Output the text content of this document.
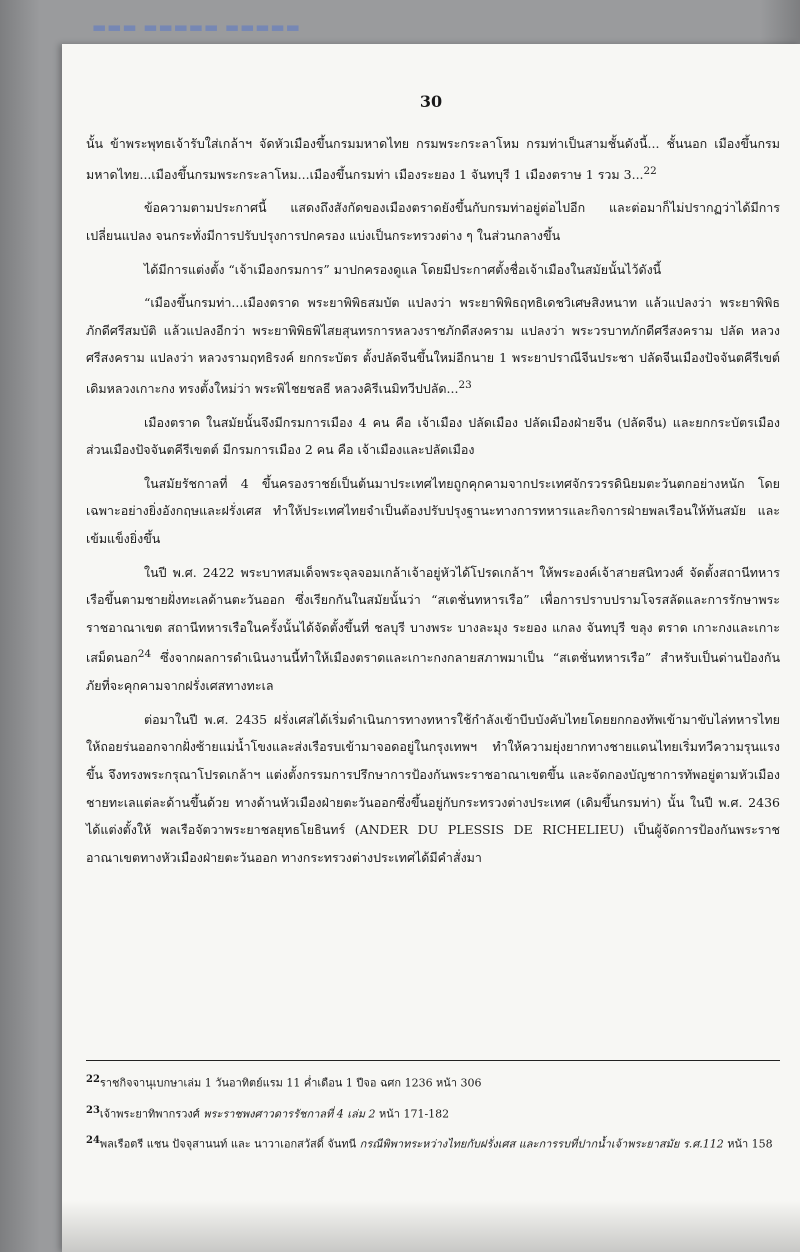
▬▬▬ ▬▬▬▬▬ ▬▬▬▬▬
30

นั้น ข้าพระพุทธเจ้ารับใส่เกล้าฯ จัดหัวเมืองขึ้นกรมมหาดไทย กรมพระกระลาโหม กรมท่าเป็นสามชั้นดังนี้... ชั้นนอก เมืองขึ้นกรมมหาดไทย...เมืองขึ้นกรมพระกระลาโหม...เมืองขึ้นกรมท่า เมืองระยอง 1 จันทบุรี 1 เมืองตราษ 1 รวม 3...$^{22}$

ข้อความตามประกาศนี้ แสดงถึงสังกัดของเมืองตราดยังขึ้นกับกรมท่าอยู่ต่อไปอีก และต่อมาก็ไม่ปรากฏว่าได้มีการเปลี่ยนแปลง จนกระทั่งมีการปรับปรุงการปกครอง แบ่งเป็นกระทรวงต่าง ๆ ในส่วนกลางขึ้น

ได้มีการแต่งตั้ง “เจ้าเมืองกรมการ” มาปกครองดูแล โดยมีประกาศตั้งชื่อเจ้าเมืองในสมัยนั้นไว้ดังนี้

“เมืองขึ้นกรมท่า...เมืองตราด พระยาพิพิธสมบัต แปลงว่า พระยาพิพิธฤทธิเดชวิเศษสิงหนาท แล้วแปลงว่า พระยาพิพิธภักดีศรีสมบัติ แล้วแปลงอีกว่า พระยาพิพิธพิไสยสุนทรการหลวงราชภักดีสงคราม แปลงว่า พระวรบาทภักดีศรีสงคราม ปลัด หลวงศรีสงคราม แปลงว่า หลวงรามฤทธิรงค์ ยกกระบัตร ตั้งปลัดจีนขึ้นใหม่อีกนาย 1 พระยาปราณีจีนประชา ปลัดจีนเมืองปัจจันตคีรีเขต์เดิมหลวงเกาะกง ทรงตั้งใหม่ว่า พระพิไชยชลธี หลวงคิรีเนมิทวีปปลัด...$^{23}$

เมืองตราด ในสมัยนั้นจึงมีกรมการเมือง 4 คน คือ เจ้าเมือง ปลัดเมือง ปลัดเมืองฝ่ายจีน (ปลัดจีน) และยกกระบัตรเมือง ส่วนเมืองปัจจันตคีรีเขตต์ มีกรมการเมือง 2 คน คือ เจ้าเมืองและปลัดเมือง

ในสมัยรัชกาลที่ 4 ขึ้นครองราชย์เป็นต้นมาประเทศไทยถูกคุกคามจากประเทศจักรวรรดินิยมตะวันตกอย่างหนัก โดยเฉพาะอย่างยิ่งอังกฤษและฝรั่งเศส ทำให้ประเทศไทยจำเป็นต้องปรับปรุงฐานะทางการทหารและกิจการฝ่ายพลเรือนให้ทันสมัย และเข้มแข็งยิ่งขึ้น

ในปี พ.ศ. 2422 พระบาทสมเด็จพระจุลจอมเกล้าเจ้าอยู่หัวได้โปรดเกล้าฯ ให้พระองค์เจ้าสายสนิทวงศ์ จัดตั้งสถานีทหารเรือขึ้นตามชายฝั่งทะเลด้านตะวันออก ซึ่งเรียกกันในสมัยนั้นว่า “สเตชั่นทหารเรือ” เพื่อการปราบปรามโจรสลัดและการรักษาพระราชอาณาเขต สถานีทหารเรือในครั้งนั้นได้จัดตั้งขึ้นที่ ชลบุรี บางพระ บางละมุง ระยอง แกลง จันทบุรี ขลุง ตราด เกาะกงและเกาะเสม็ดนอก$^{24}$ ซึ่งจากผลการดำเนินงานนี้ทำให้เมืองตราดและเกาะกงกลายสภาพมาเป็น “สเตชั่นทหารเรือ” สำหรับเป็นด่านป้องกันภัยที่จะคุกคามจากฝรั่งเศสทางทะเล

ต่อมาในปี พ.ศ. 2435 ฝรั่งเศสได้เริ่มดำเนินการทางทหารใช้กำลังเข้าบีบบังคับไทยโดยยกกองทัพเข้ามาขับไล่ทหารไทยให้ถอยร่นออกจากฝั่งซ้ายแม่น้ำโขงและส่งเรือรบเข้ามาจอดอยู่ในกรุงเทพฯ ทำให้ความยุ่งยากทางชายแดนไทยเริ่มทวีความรุนแรงขึ้น จึงทรงพระกรุณาโปรดเกล้าฯ แต่งตั้งกรรมการปรึกษาการป้องกันพระราชอาณาเขตขึ้น และจัดกองบัญชาการทัพอยู่ตามหัวเมืองชายทะเลแต่ละด้านขึ้นด้วย ทางด้านหัวเมืองฝ่ายตะวันออกซึ่งขึ้นอยู่กับกระทรวงต่างประเทศ (เดิมขึ้นกรมท่า) นั้น ในปี พ.ศ. 2436 ได้แต่งตั้งให้ พลเรือจัตวาพระยาชลยุทธโยธินทร์ (ANDER DU PLESSIS DE RICHELIEU) เป็นผู้จัดการป้องกันพระราชอาณาเขตทางหัวเมืองฝ่ายตะวันออก ทางกระทรวงต่างประเทศได้มีคำสั่งมา

$^{22}$ราชกิจจานุเบกษาเล่ม 1 วันอาทิตย์แรม 11 ค่ำเดือน 1 ปีจอ ฉศก 1236 หน้า 306
$^{23}$เจ้าพระยาทิพากรวงศ์ พระราชพงศาวดารรัชกาลที่ 4 เล่ม 2 หน้า 171-182
$^{24}$พลเรือตรี แชน ปัจจุสานนท์ และ นาวาเอกสวัสดิ์ จันทนี กรณีพิพาทระหว่างไทยกับฝรั่งเศส และการรบที่ปากน้ำเจ้าพระยาสมัย ร.ศ.112 หน้า 158
